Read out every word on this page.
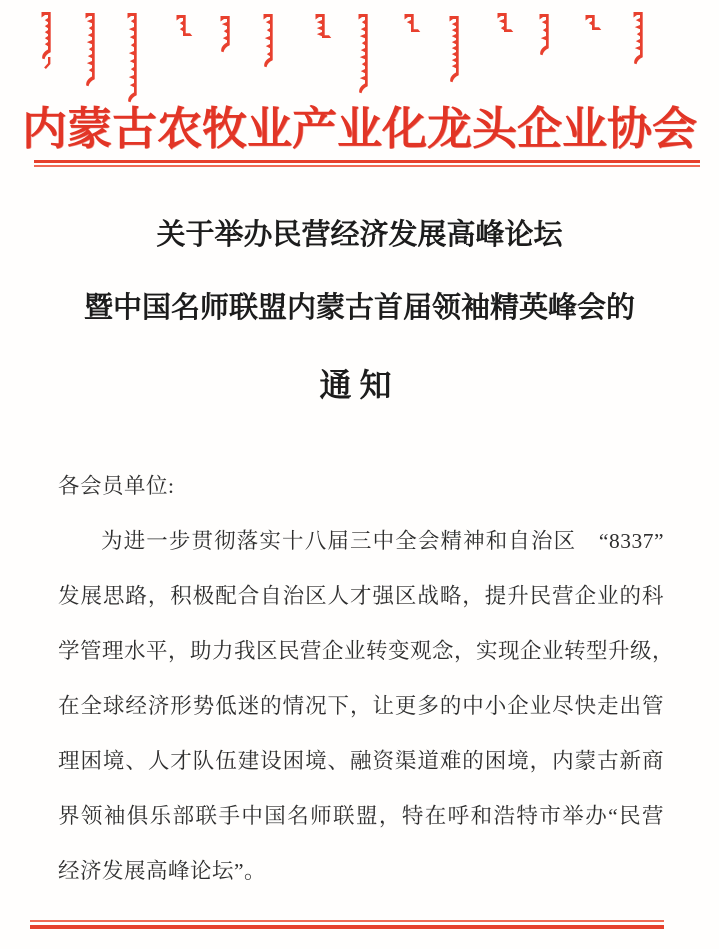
内蒙古农牧业产业化龙头企业协会
关于举办民营经济发展高峰论坛
暨中国名师联盟内蒙古首届领袖精英峰会的
通知
各会员单位:
为进一步贯彻落实十八届三中全会精神和自治区　“8337”
发展思路，积极配合自治区人才强区战略，提升民营企业的科
学管理水平，助力我区民营企业转变观念，实现企业转型升级，
在全球经济形势低迷的情况下，让更多的中小企业尽快走出管
理困境、人才队伍建设困境、融资渠道难的困境，内蒙古新商
界领袖俱乐部联手中国名师联盟，特在呼和浩特市举办“民营
经济发展高峰论坛”。
